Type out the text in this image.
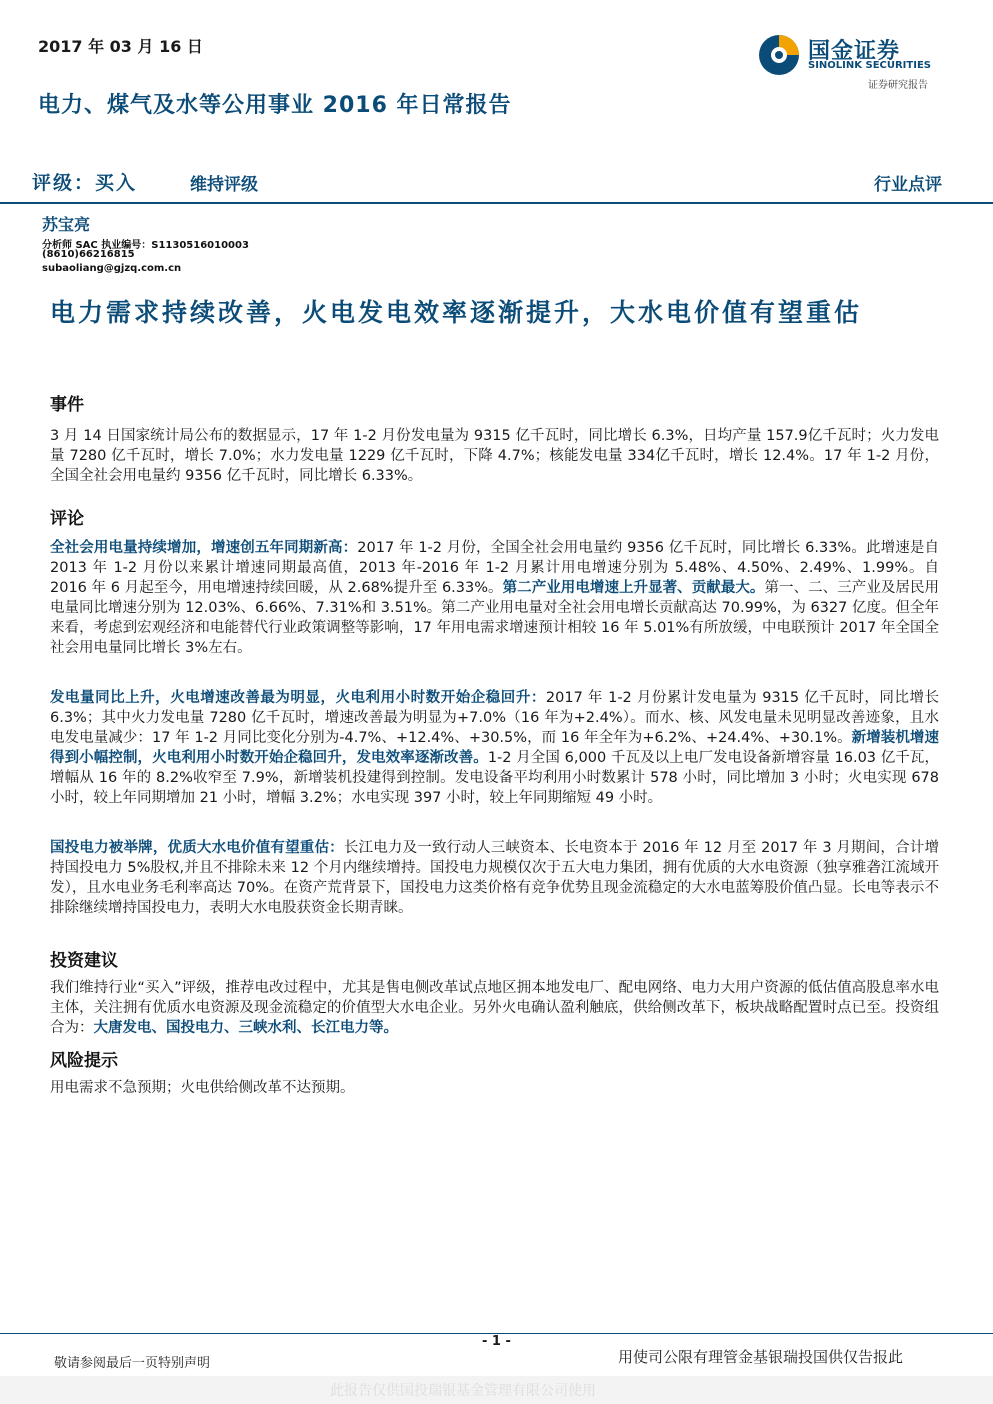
2017 年 03 月 16 日
电力、煤气及水等公用事业 2016 年日常报告
国金证券
SINOLINK SECURITIES
证券研究报告
评级：买入	维持评级	行业点评
苏宝亮
分析师 SAC 执业编号：S1130516010003
(8610)66216815
subaoliang@gjzq.com.cn
电力需求持续改善，火电发电效率逐渐提升，大水电价值有望重估
事件
3 月 14 日国家统计局公布的数据显示，17 年 1-2 月份发电量为 9315 亿千瓦时，同比增长 6.3%，日均产量 157.9亿千瓦时；火力发电量 7280 亿千瓦时，增长 7.0%；水力发电量 1229 亿千瓦时，下降 4.7%；核能发电量 334亿千瓦时，增长 12.4%。17 年 1-2 月份，全国全社会用电量约 9356 亿千瓦时，同比增长 6.33%。
评论
全社会用电量持续增加，增速创五年同期新高：2017 年 1-2 月份，全国全社会用电量约 9356 亿千瓦时，同比增长 6.33%。此增速是自 2013 年 1-2 月份以来累计增速同期最高值，2013 年-2016 年 1-2 月累计用电增速分别为 5.48%、4.50%、2.49%、1.99%。自 2016 年 6 月起至今，用电增速持续回暖，从 2.68%提升至 6.33%。第二产业用电增速上升显著、贡献最大。第一、二、三产业及居民用电量同比增速分别为 12.03%、6.66%、7.31%和 3.51%。第二产业用电量对全社会用电增长贡献高达 70.99%，为 6327 亿度。但全年来看，考虑到宏观经济和电能替代行业政策调整等影响，17 年用电需求增速预计相较 16 年 5.01%有所放缓，中电联预计 2017 年全国全社会用电量同比增长 3%左右。
发电量同比上升，火电增速改善最为明显，火电利用小时数开始企稳回升：2017 年 1-2 月份累计发电量为 9315 亿千瓦时，同比增长 6.3%；其中火力发电量 7280 亿千瓦时，增速改善最为明显为+7.0%（16 年为+2.4%）。而水、核、风发电量未见明显改善迹象，且水电发电量减少：17 年 1-2 月同比变化分别为-4.7%、+12.4%、+30.5%，而 16 年全年为+6.2%、+24.4%、+30.1%。新增装机增速得到小幅控制，火电利用小时数开始企稳回升，发电效率逐渐改善。1-2 月全国 6,000 千瓦及以上电厂发电设备新增容量 16.03 亿千瓦，增幅从 16 年的 8.2%收窄至 7.9%，新增装机投建得到控制。发电设备平均利用小时数累计 578 小时，同比增加 3 小时；火电实现 678 小时，较上年同期增加 21 小时，增幅 3.2%；水电实现 397 小时，较上年同期缩短 49 小时。
国投电力被举牌，优质大水电价值有望重估：长江电力及一致行动人三峡资本、长电资本于 2016 年 12 月至 2017 年 3 月期间，合计增持国投电力 5%股权,并且不排除未来 12 个月内继续增持。国投电力规模仅次于五大电力集团，拥有优质的大水电资源（独享雅砻江流域开发），且水电业务毛利率高达 70%。在资产荒背景下，国投电力这类价格有竞争优势且现金流稳定的大水电蓝筹股价值凸显。长电等表示不排除继续增持国投电力，表明大水电股获资金长期青睐。
投资建议
我们维持行业“买入”评级，推荐电改过程中，尤其是售电侧改革试点地区拥本地发电厂、配电网络、电力大用户资源的低估值高股息率水电主体，关注拥有优质水电资源及现金流稳定的价值型大水电企业。另外火电确认盈利触底，供给侧改革下，板块战略配置时点已至。投资组合为：大唐发电、国投电力、三峡水利、长江电力等。
风险提示
用电需求不急预期；火电供给侧改革不达预期。
- 1 -
敬请参阅最后一页特别声明	用使司公限有理管金基银瑞投国供仅告报此
此报告仅供国投瑞银基金管理有限公司使用
